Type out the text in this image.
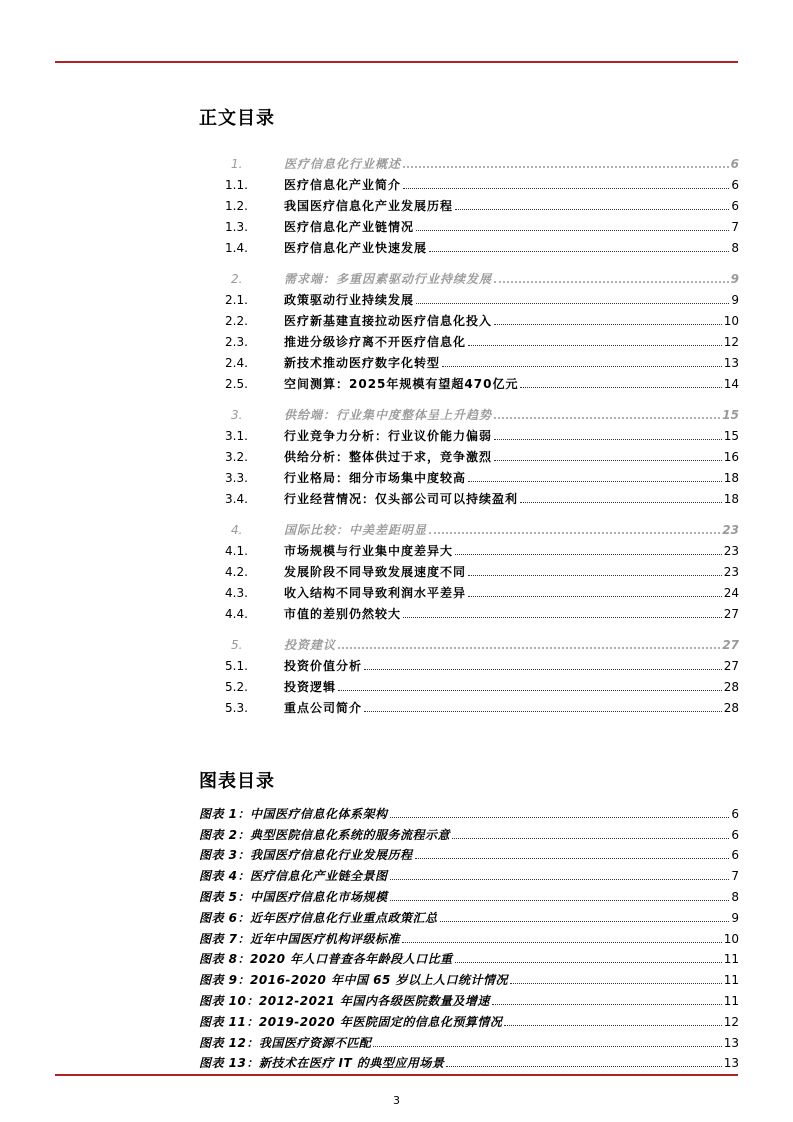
正文目录
1.	医疗信息化行业概述	6
1.1.	医疗信息化产业简介	6
1.2.	我国医疗信息化产业发展历程	6
1.3.	医疗信息化产业链情况	7
1.4.	医疗信息化产业快速发展	8
2.	需求端：多重因素驱动行业持续发展	9
2.1.	政策驱动行业持续发展	9
2.2.	医疗新基建直接拉动医疗信息化投入	10
2.3.	推进分级诊疗离不开医疗信息化	12
2.4.	新技术推动医疗数字化转型	13
2.5.	空间测算：2025年规模有望超470亿元	14
3.	供给端：行业集中度整体呈上升趋势	15
3.1.	行业竞争力分析：行业议价能力偏弱	15
3.2.	供给分析：整体供过于求，竞争激烈	16
3.3.	行业格局：细分市场集中度较高	18
3.4.	行业经营情况：仅头部公司可以持续盈利	18
4.	国际比较：中美差距明显	23
4.1.	市场规模与行业集中度差异大	23
4.2.	发展阶段不同导致发展速度不同	23
4.3.	收入结构不同导致利润水平差异	24
4.4.	市值的差别仍然较大	27
5.	投资建议	27
5.1.	投资价值分析	27
5.2.	投资逻辑	28
5.3.	重点公司简介	28
图表目录
图表 1：中国医疗信息化体系架构	6
图表 2：典型医院信息化系统的服务流程示意	6
图表 3：我国医疗信息化行业发展历程	6
图表 4：医疗信息化产业链全景图	7
图表 5：中国医疗信息化市场规模	8
图表 6：近年医疗信息化行业重点政策汇总	9
图表 7：近年中国医疗机构评级标准	10
图表 8：2020 年人口普查各年龄段人口比重	11
图表 9：2016-2020 年中国 65 岁以上人口统计情况	11
图表 10：2012-2021 年国内各级医院数量及增速	11
图表 11：2019-2020 年医院固定的信息化预算情况	12
图表 12：我国医疗资源不匹配	13
图表 13：新技术在医疗 IT 的典型应用场景	13
3
